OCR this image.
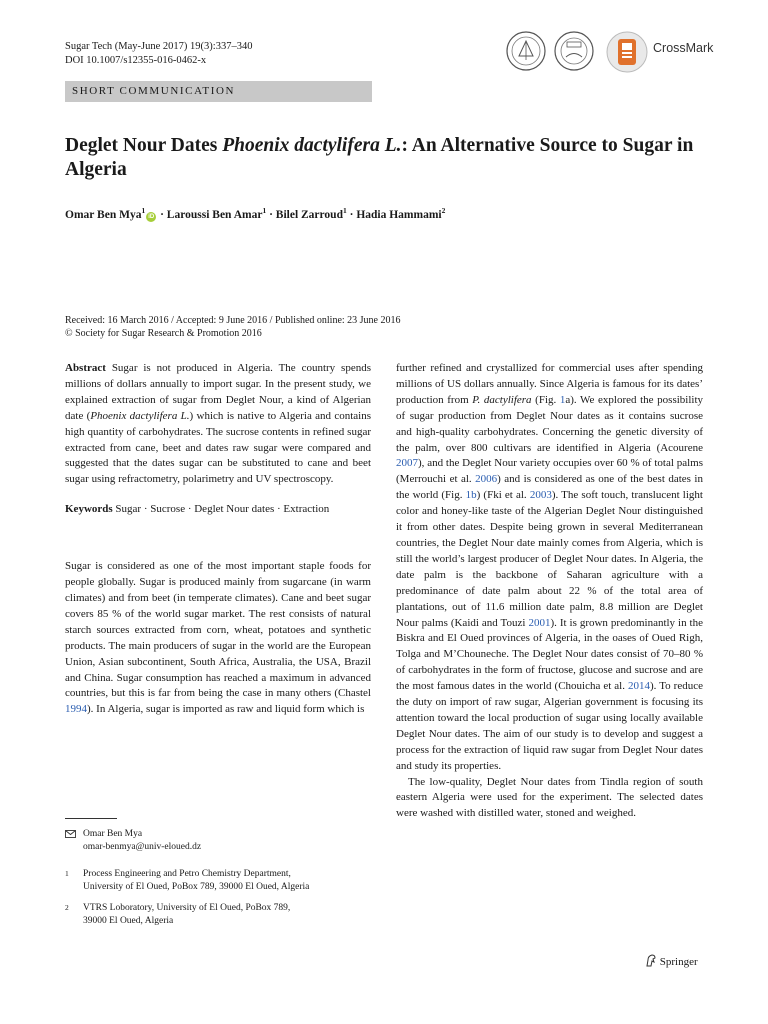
Sugar Tech (May-June 2017) 19(3):337–340
DOI 10.1007/s12355-016-0462-x
CrossMark
SHORT COMMUNICATION
Deglet Nour Dates Phoenix dactylifera L.: An Alternative Source to Sugar in Algeria
Omar Ben Mya$^1$iD · Laroussi Ben Amar$^1$ · Bilel Zarroud$^1$ · Hadia Hammami$^2$
Received: 16 March 2016 / Accepted: 9 June 2016 / Published online: 23 June 2016
© Society for Sugar Research & Promotion 2016

Abstract Sugar is not produced in Algeria. The country spends millions of dollars annually to import sugar. In the present study, we explained extraction of sugar from Deglet Nour, a kind of Algerian date (Phoenix dactylifera L.) which is native to Algeria and contains high quantity of carbohydrates. The sucrose contents in refined sugar extracted from cane, beet and dates raw sugar were compared and suggested that the dates sugar can be substituted to cane and beet sugar using refractometry, polarimetry and UV spectroscopy.

Keywords Sugar · Sucrose · Deglet Nour dates · Extraction

Sugar is considered as one of the most important staple foods for people globally. Sugar is produced mainly from sugarcane (in warm climates) and from beet (in temperate climates). Cane and beet sugar covers 85 % of the world sugar market. The rest consists of natural starch sources extracted from corn, wheat, potatoes and synthetic products. The main producers of sugar in the world are the European Union, Asian subcontinent, South Africa, Australia, the USA, Brazil and China. Sugar consumption has reached a maximum in advanced countries, but this is far from being the case in many others (Chastel 1994). In Algeria, sugar is imported as raw and liquid form which is

further refined and crystallized for commercial uses after spending millions of US dollars annually. Since Algeria is famous for its dates’ production from P. dactylifera (Fig. 1a). We explored the possibility of sugar production from Deglet Nour dates as it contains sucrose and high-quality carbohydrates. Concerning the genetic diversity of the palm, over 800 cultivars are identified in Algeria (Acourene 2007), and the Deglet Nour variety occupies over 60 % of total palms (Merrouchi et al. 2006) and is considered as one of the best dates in the world (Fig. 1b) (Fki et al. 2003). The soft touch, translucent light color and honey-like taste of the Algerian Deglet Nour distinguished it from other dates. Despite being grown in several Mediterranean countries, the Deglet Nour date mainly comes from Algeria, which is still the world’s largest producer of Deglet Nour dates. In Algeria, the date palm is the backbone of Saharan agriculture with a predominance of date palm about 22 % of the total area of plantations, out of 11.6 million date palm, 8.8 million are Deglet Nour palms (Kaidi and Touzi 2001). It is grown predominantly in the Biskra and El Oued provinces of Algeria, in the oases of Oued Righ, Tolga and M’Chouneche. The Deglet Nour dates consist of 70–80 % of carbohydrates in the form of fructose, glucose and sucrose and are the most famous dates in the world (Chouicha et al. 2014). To reduce the duty on import of raw sugar, Algerian government is focusing its attention toward the local production of sugar using locally available Deglet Nour dates. The aim of our study is to develop and suggest a process for the extraction of liquid raw sugar from Deglet Nour dates and study its properties.

The low-quality, Deglet Nour dates from Tindla region of south eastern Algeria were used for the experiment. The selected dates were washed with distilled water, stoned and weighed.

Omar Ben Mya
omar-benmya@univ-eloued.dz
1 Process Engineering and Petro Chemistry Department,
University of El Oued, PoBox 789, 39000 El Oued, Algeria
2 VTRS Loboratory, University of El Oued, PoBox 789,
39000 El Oued, Algeria
Springer
